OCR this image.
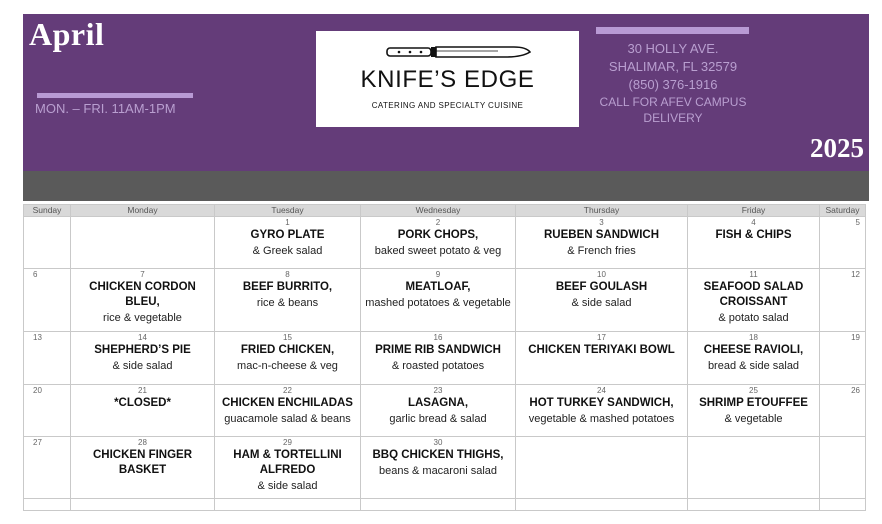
April
MON. – FRI. 11AM-1PM
30 HOLLY AVE.
SHALIMAR, FL 32579
(850) 376-1916
CALL FOR AFEV CAMPUS
DELIVERY
2025
KNIFE’S EDGE
CATERING AND SPECIALTY CUISINE
Sunday	Monday	Tuesday	Wednesday	Thursday	Friday	Saturday

		1
GYRO PLATE
& Greek salad	2
PORK CHOPS,
baked sweet potato & veg	3
RUEBEN SANDWICH
& French fries	4
FISH & CHIPS	5

6	7
CHICKEN CORDON BLEU,
rice & vegetable	8
BEEF BURRITO,
rice & beans	9
MEATLOAF,
mashed potatoes & vegetable	10
BEEF GOULASH
& side salad	11
SEAFOOD SALAD CROISSANT
& potato salad	12

13	14
SHEPHERD’S PIE
& side salad	15
FRIED CHICKEN,
mac-n-cheese & veg	16
PRIME RIB SANDWICH
& roasted potatoes	17
CHICKEN TERIYAKI BOWL	18
CHEESE RAVIOLI,
bread & side salad	19

20	21
*CLOSED*	22
CHICKEN ENCHILADAS
guacamole salad & beans	23
LASAGNA,
garlic bread & salad	24
HOT TURKEY SANDWICH,
vegetable & mashed potatoes	25
SHRIMP ETOUFFEE
& vegetable	26

27	28
CHICKEN FINGER BASKET	29
HAM & TORTELLINI ALFREDO
& side salad	30
BBQ CHICKEN THIGHS,
beans & macaroni salad			
